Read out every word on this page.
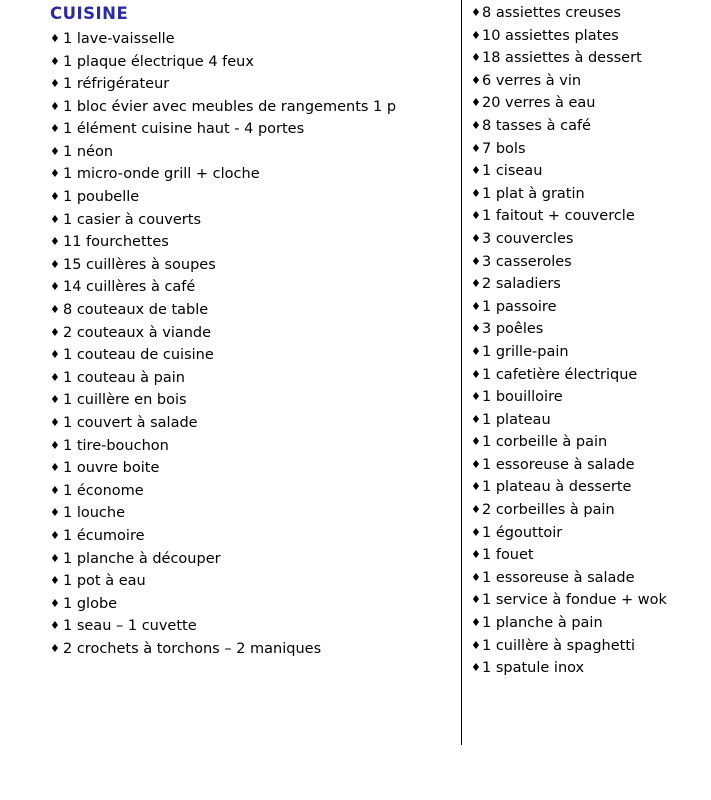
CUISINE
♦ 1 lave-vaisselle
♦ 1 plaque électrique 4 feux
♦ 1 réfrigérateur
♦ 1 bloc évier avec meubles de rangements 1 p
♦ 1 élément cuisine haut - 4 portes
♦ 1 néon
♦ 1 micro-onde grill + cloche
♦ 1 poubelle
♦ 1 casier à couverts
♦ 11 fourchettes
♦ 15 cuillères à soupes
♦ 14 cuillères à café
♦ 8 couteaux de table
♦ 2 couteaux à viande
♦ 1 couteau de cuisine
♦ 1 couteau à pain
♦ 1 cuillère en bois
♦ 1 couvert à salade
♦ 1 tire-bouchon
♦ 1 ouvre boite
♦ 1 économe
♦ 1 louche
♦ 1 écumoire
♦ 1 planche à découper
♦ 1 pot à eau
♦ 1 globe
♦ 1 seau – 1 cuvette
♦ 2 crochets à torchons – 2 maniques
♦ 8 assiettes creuses
♦ 10 assiettes plates
♦ 18 assiettes à dessert
♦ 6 verres à vin
♦ 20 verres à eau
♦ 8 tasses à café
♦ 7 bols
♦ 1 ciseau
♦ 1 plat à gratin
♦ 1 faitout + couvercle
♦ 3 couvercles
♦ 3 casseroles
♦ 2 saladiers
♦ 1 passoire
♦ 3 poêles
♦ 1 grille-pain
♦ 1 cafetière électrique
♦ 1 bouilloire
♦ 1 plateau
♦ 1 corbeille à pain
♦ 1 essoreuse à salade
♦ 1 plateau à desserte
♦ 2 corbeilles à pain
♦ 1 égouttoir
♦ 1 fouet
♦ 1 essoreuse à salade
♦ 1 service à fondue + wok
♦ 1 planche à pain
♦ 1 cuillère à spaghetti
♦ 1 spatule inox
